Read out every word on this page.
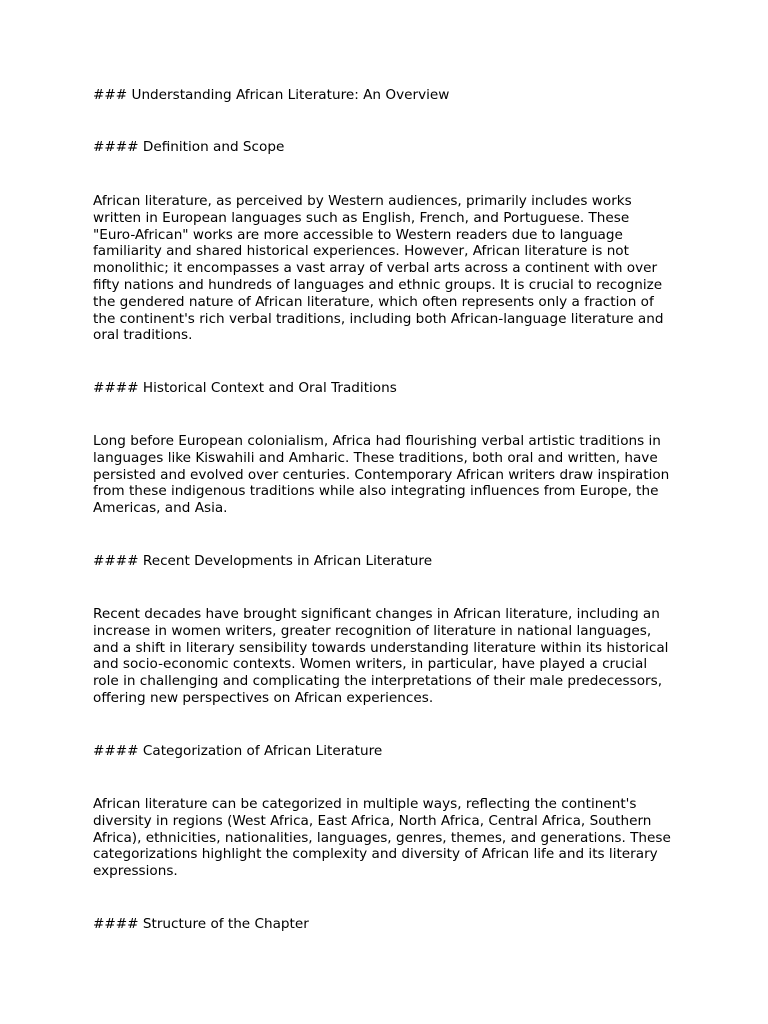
### Understanding African Literature: An Overview
#### Definition and Scope

African literature, as perceived by Western audiences, primarily includes works written in European languages such as English, French, and Portuguese. These "Euro-African" works are more accessible to Western readers due to language familiarity and shared historical experiences. However, African literature is not monolithic; it encompasses a vast array of verbal arts across a continent with over fifty nations and hundreds of languages and ethnic groups. It is crucial to recognize the gendered nature of African literature, which often represents only a fraction of the continent's rich verbal traditions, including both African-language literature and oral traditions.

#### Historical Context and Oral Traditions

Long before European colonialism, Africa had flourishing verbal artistic traditions in languages like Kiswahili and Amharic. These traditions, both oral and written, have persisted and evolved over centuries. Contemporary African writers draw inspiration from these indigenous traditions while also integrating influences from Europe, the Americas, and Asia.

#### Recent Developments in African Literature

Recent decades have brought significant changes in African literature, including an increase in women writers, greater recognition of literature in national languages, and a shift in literary sensibility towards understanding literature within its historical and socio-economic contexts. Women writers, in particular, have played a crucial role in challenging and complicating the interpretations of their male predecessors, offering new perspectives on African experiences.

#### Categorization of African Literature

African literature can be categorized in multiple ways, reflecting the continent's diversity in regions (West Africa, East Africa, North Africa, Central Africa, Southern Africa), ethnicities, nationalities, languages, genres, themes, and generations. These categorizations highlight the complexity and diversity of African life and its literary expressions.

#### Structure of the Chapter
